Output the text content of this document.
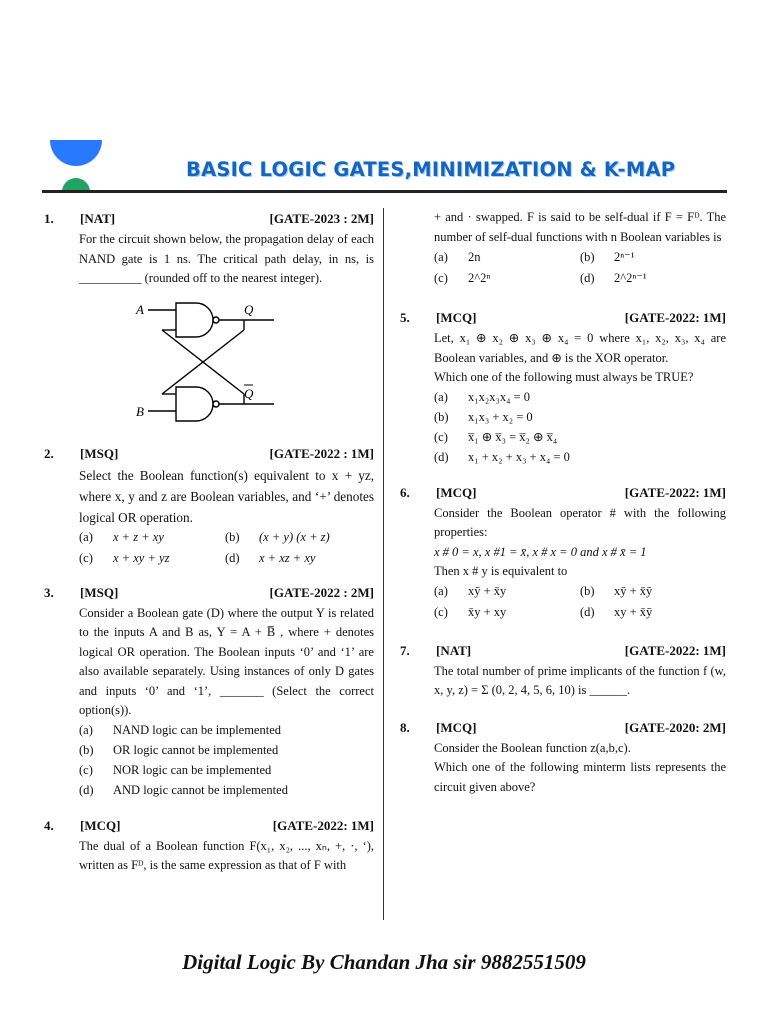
BASIC LOGIC GATES,MINIMIZATION & K-MAP
1.	[NAT]	[GATE-2023 : 2M]
For the circuit shown below, the propagation delay of each NAND gate is 1 ns. The critical path delay, in ns, is __________ (rounded off to the nearest integer).
A
B
Q
Q
2.	[MSQ]	[GATE-2022 : 1M]
Select the Boolean function(s) equivalent to x + yz, where x, y and z are Boolean variables, and ‘+’ denotes logical OR operation.
(a)	x + z + xy	(b)	(x + y) (x + z)
(c)	x + xy + yz	(d)	x + xz + xy
3.	[MSQ]	[GATE-2022 : 2M]
Consider a Boolean gate (D) where the output Y is related to the inputs A and B as, Y = A + B̅ , where + denotes logical OR operation. The Boolean inputs ‘0’ and ‘1’ are also available separately. Using instances of only D gates and inputs ‘0’ and ‘1’, _______ (Select the correct option(s)).
(a)	NAND logic can be implemented
(b)	OR logic cannot be implemented
(c)	NOR logic can be implemented
(d)	AND logic cannot be implemented
4.	[MCQ]	[GATE-2022: 1M]
The dual of a Boolean function F(x₁, x₂, ..., xₙ, +, ·, ‘), written as Fᴰ, is the same expression as that of F with
+ and · swapped. F is said to be self-dual if F = Fᴰ. The number of self-dual functions with n Boolean variables is
(a)	2n	(b)	2ⁿ⁻¹
(c)	2^2ⁿ	(d)	2^2ⁿ⁻¹
5.	[MCQ]	[GATE-2022: 1M]
Let, x₁ ⊕ x₂ ⊕ x₃ ⊕ x₄ = 0 where x₁, x₂, x₃, x₄ are Boolean variables, and ⊕ is the XOR operator.
Which one of the following must always be TRUE?
(a)	x₁x₂x₃x₄ = 0
(b)	x₁x₃ + x₂ = 0
(c)	x̅₁ ⊕ x̅₃ = x̅₂ ⊕ x̅₄
(d)	x₁ + x₂ + x₃ + x₄ = 0
6.	[MCQ]	[GATE-2022: 1M]
Consider the Boolean operator # with the following properties:
x # 0 = x, x #1 = x̄, x # x = 0 and x # x̄ = 1
Then x # y is equivalent to
(a)	xȳ + x̄y	(b)	xȳ + x̄ȳ
(c)	x̄y + xy	(d)	xy + x̄ȳ
7.	[NAT]	[GATE-2022: 1M]
The total number of prime implicants of the function f (w, x, y, z) = Σ (0, 2, 4, 5, 6, 10) is ______.
8.	[MCQ]	[GATE-2020: 2M]
Consider the Boolean function z(a,b,c).
Which one of the following minterm lists represents the circuit given above?
Digital Logic By Chandan Jha sir 9882551509
